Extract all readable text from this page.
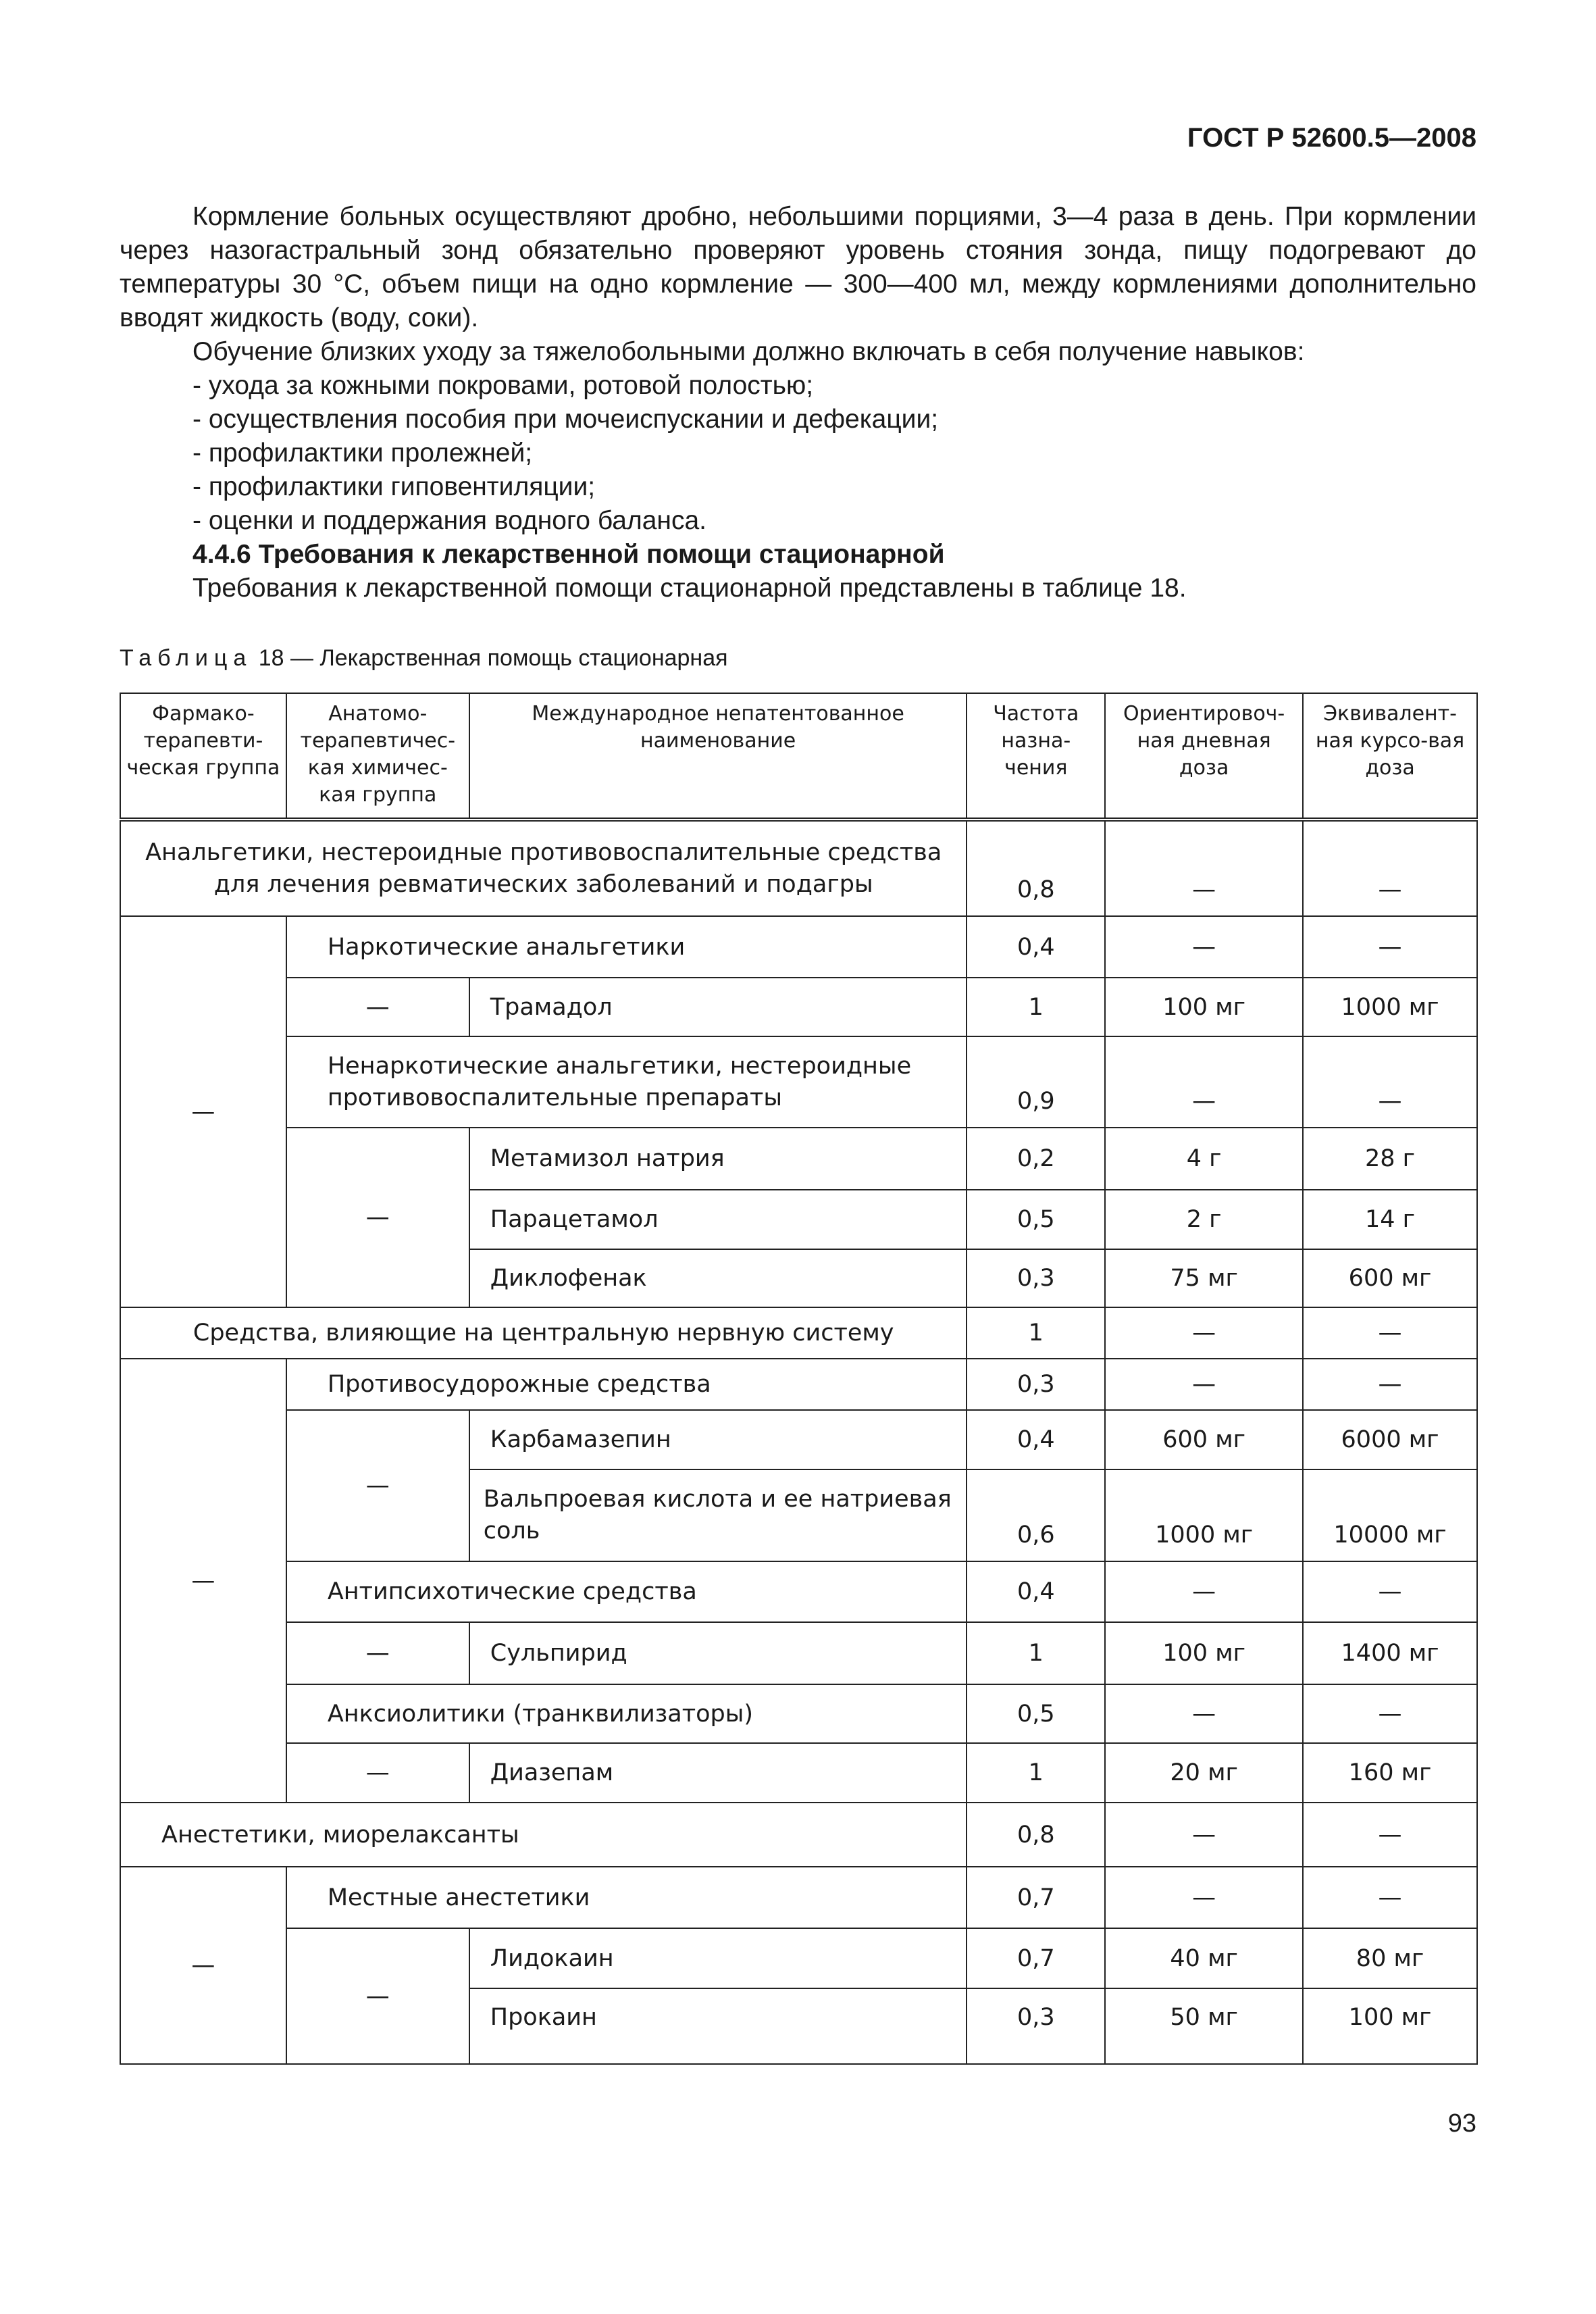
ГОСТ Р 52600.5—2008

Кормление больных осуществляют дробно, небольшими порциями, 3—4 раза в день. При кормлении через назогастральный зонд обязательно проверяют уровень стояния зонда, пищу подогревают до температуры 30 °С, объем пищи на одно кормление — 300—400 мл, между кормлениями дополнительно вводят жидкость (воду, соки).

Обучение близких уходу за тяжелобольными должно включать в себя получение навыков:

- ухода за кожными покровами, ротовой полостью;

- осуществления пособия при мочеиспускании и дефекации;

- профилактики пролежней;

- профилактики гиповентиляции;

- оценки и поддержания водного баланса.

4.4.6 Требования к лекарственной помощи стационарной

Требования к лекарственной помощи стационарной представлены в таблице 18.

Таблица 18 — Лекарственная помощь стационарная
Фармако-терапевти-ческая группа	Анатомо-терапевтичес-кая химичес-кая группа	Международное непатентованное наименование	Частота назна-чения	Ориентировоч-ная дневная доза	Эквивалент-ная курсо-вая доза
Анальгетики, нестероидные противовоспалительные средства для лечения ревматических заболеваний и подагры			0,8	—	—
—	Наркотические анальгетики		0,4	—	—
	—	Трамадол	1	100 мг	1000 мг
	Ненаркотические анальгетики, нестероидные противовоспалительные препараты		0,9	—	—
	—	Метамизол натрия	0,2	4 г	28 г
		Парацетамол	0,5	2 г	14 г
		Диклофенак	0,3	75 мг	600 мг
Средства, влияющие на центральную нервную систему			1	—	—
—	Противосудорожные средства		0,3	—	—
	—	Карбамазепин	0,4	600 мг	6000 мг
		Вальпроевая кислота и ее натриевая соль	0,6	1000 мг	10000 мг
	Антипсихотические средства		0,4	—	—
	—	Сульпирид	1	100 мг	1400 мг
	Анксиолитики (транквилизаторы)		0,5	—	—
	—	Диазепам	1	20 мг	160 мг
Анестетики, миорелаксанты			0,8	—	—
—	Местные анестетики		0,7	—	—
	—	Лидокаин	0,7	40 мг	80 мг
		Прокаин	0,3	50 мг	100 мг
93
